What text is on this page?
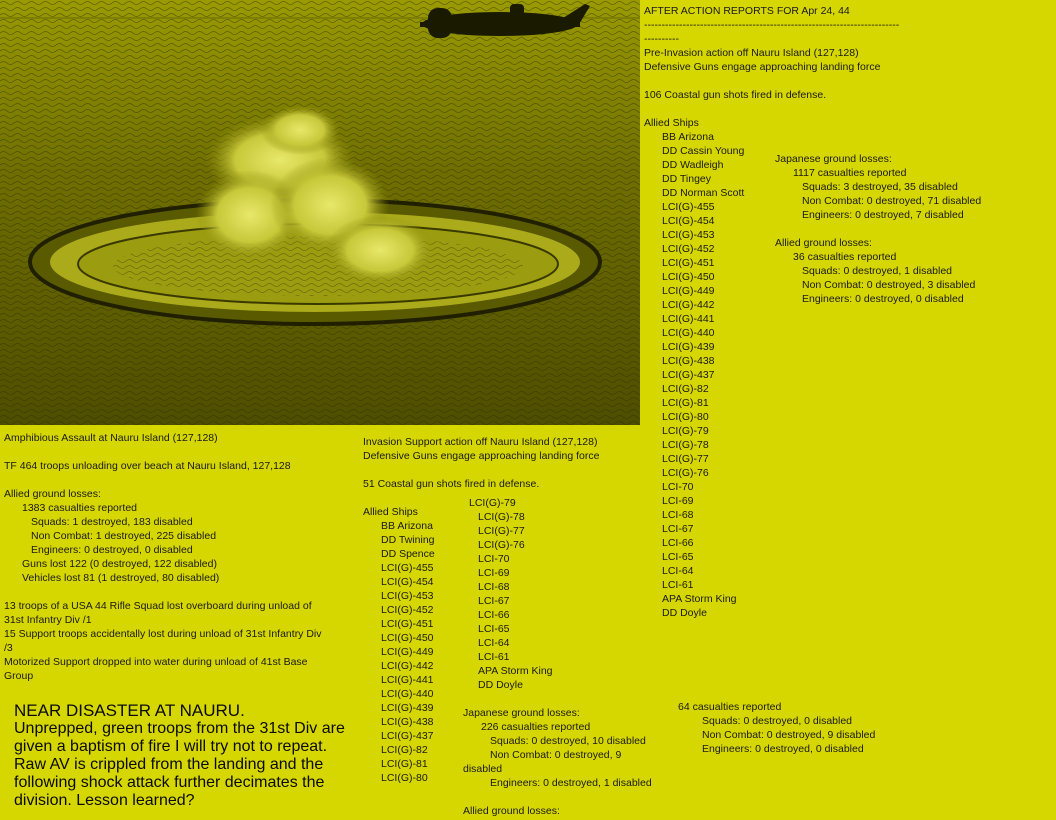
AFTER ACTION REPORTS FOR Apr 24, 44
-------------------------------------------------------------------------
----------
Pre-Invasion action off Nauru Island (127,128)
Defensive Guns engage approaching landing force
106 Coastal gun shots fired in defense.
Allied Ships
BB Arizona
DD Cassin Young
DD Wadleigh
DD Tingey
DD Norman Scott
LCI(G)-455
LCI(G)-454
LCI(G)-453
LCI(G)-452
LCI(G)-451
LCI(G)-450
LCI(G)-449
LCI(G)-442
LCI(G)-441
LCI(G)-440
LCI(G)-439
LCI(G)-438
LCI(G)-437
LCI(G)-82
LCI(G)-81
LCI(G)-80
LCI(G)-79
LCI(G)-78
LCI(G)-77
LCI(G)-76
LCI-70
LCI-69
LCI-68
LCI-67
LCI-66
LCI-65
LCI-64
LCI-61
APA Storm King
DD Doyle
Japanese ground losses:
1117 casualties reported
Squads: 3 destroyed, 35 disabled
Non Combat: 0 destroyed, 71 disabled
Engineers: 0 destroyed, 7 disabled
Allied ground losses:
36 casualties reported
Squads: 0 destroyed, 1 disabled
Non Combat: 0 destroyed, 3 disabled
Engineers: 0 destroyed, 0 disabled
Amphibious Assault at Nauru Island (127,128)
TF 464 troops unloading over beach at Nauru Island, 127,128
Allied ground losses:
1383 casualties reported
Squads: 1 destroyed, 183 disabled
Non Combat: 1 destroyed, 225 disabled
Engineers: 0 destroyed, 0 disabled
Guns lost 122 (0 destroyed, 122 disabled)
Vehicles lost 81 (1 destroyed, 80 disabled)
13 troops of a USA 44 Rifle Squad lost overboard during unload of
31st Infantry Div /1
15 Support troops accidentally lost during unload of 31st Infantry Div
/3
Motorized Support dropped into water during unload of 41st Base
Group
Invasion Support action off Nauru Island (127,128)
Defensive Guns engage approaching landing force
51 Coastal gun shots fired in defense.
Allied Ships
BB Arizona
DD Twining
DD Spence
LCI(G)-455
LCI(G)-454
LCI(G)-453
LCI(G)-452
LCI(G)-451
LCI(G)-450
LCI(G)-449
LCI(G)-442
LCI(G)-441
LCI(G)-440
LCI(G)-439
LCI(G)-438
LCI(G)-437
LCI(G)-82
LCI(G)-81
LCI(G)-80
LCI(G)-79
LCI(G)-78
LCI(G)-77
LCI(G)-76
LCI-70
LCI-69
LCI-68
LCI-67
LCI-66
LCI-65
LCI-64
LCI-61
APA Storm King
DD Doyle
Japanese ground losses:
226 casualties reported
Squads: 0 destroyed, 10 disabled
Non Combat: 0 destroyed, 9
disabled
Engineers: 0 destroyed, 1 disabled
Allied ground losses:
64 casualties reported
Squads: 0 destroyed, 0 disabled
Non Combat: 0 destroyed, 9 disabled
Engineers: 0 destroyed, 0 disabled
NEAR DISASTER AT NAURU.
Unprepped, green troops from the 31st Div are given a baptism of fire I will try not to repeat. Raw AV is crippled from the landing and the following shock attack further decimates the division. Lesson learned?
